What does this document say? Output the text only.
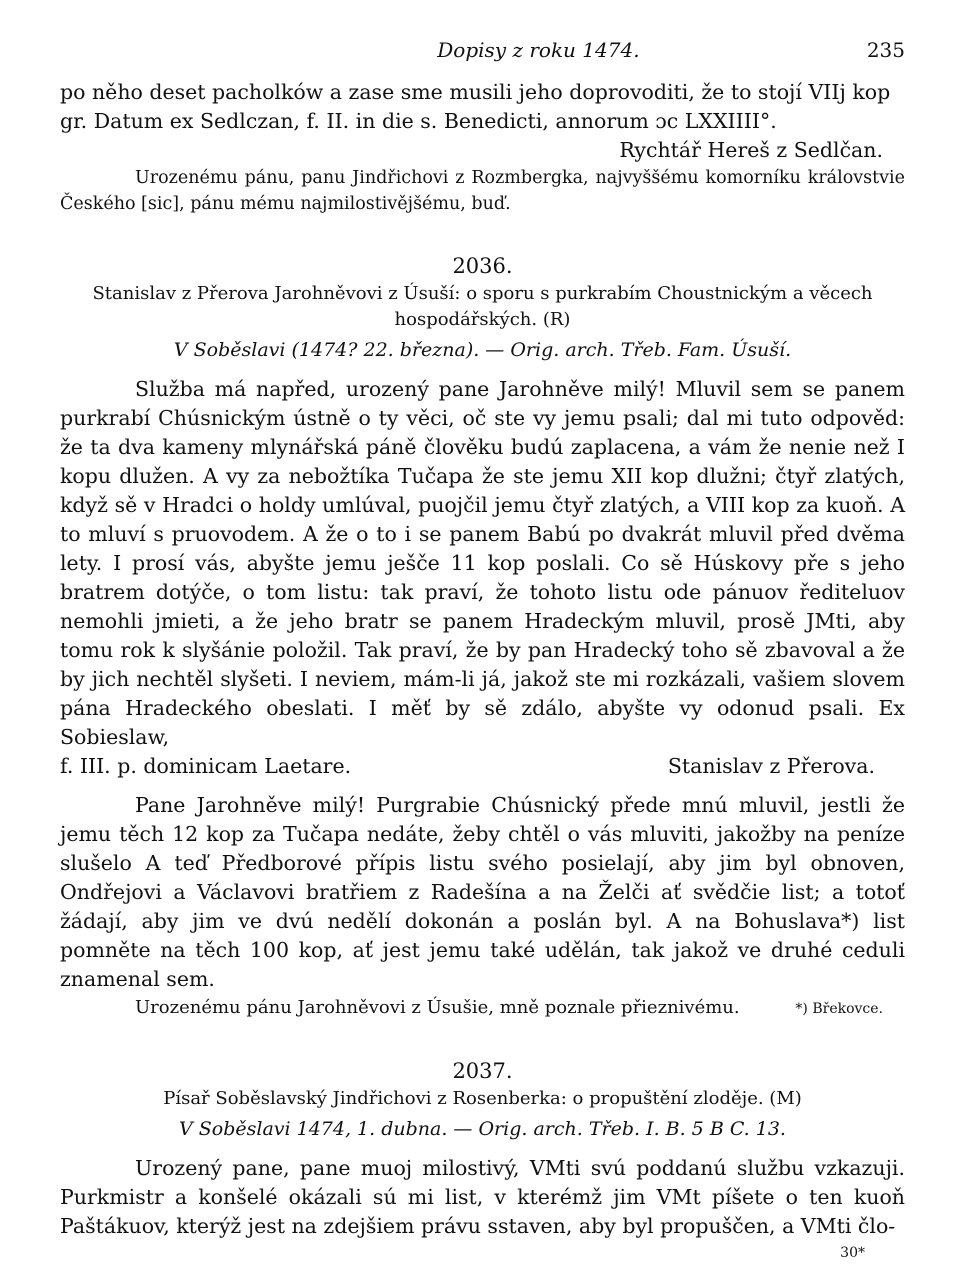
Dopisy z roku 1474.	235

po něho deset pacholków a zase sme musili jeho doprovoditi, že to stojí VIIj kop

gr. Datum ex Sedlczan, f. II. in die s. Benedicti, annorum ɔc LXXIIII°.

Rychtář Hereš z Sedlčan.

Urozenému pánu, panu Jindřichovi z Rozmbergka, najvyššému komorníku královstvie Českého [sic], pánu mému najmilostivějšému, buď.

2036.
Stanislav z Přerova Jarohněvovi z Úsuší: o sporu s purkrabím Choustnickým a věcech hospodářských. (R)
V Soběslavi (1474? 22. března). — Orig. arch. Třeb. Fam. Úsuší.

Služba má napřed, urozený pane Jarohněve milý! Mluvil sem se panem purkrabí Chúsnickým ústně o ty věci, oč ste vy jemu psali; dal mi tuto odpověd: že ta dva kameny mlynářská páně člověku budú zaplacena, a vám že nenie než I kopu dlužen. A vy za nebožtíka Tučapa že ste jemu XII kop dlužni; čtyř zlatých, když sě v Hradci o holdy umlúval, puojčil jemu čtyř zlatých, a VIII kop za kuoň. A to mluví s pruovodem. A že o to i se panem Babú po dvakrát mluvil před dvěma lety. I prosí vás, abyšte jemu ješče 11 kop poslali. Co sě Húskovy pře s jeho bratrem dotýče, o tom listu: tak praví, že tohoto listu ode pánuov ředitеluov nemohli jmieti, a že jeho bratr se panem Hradeckým mluvil, prosě JMti, aby tomu rok k slyšánie položil. Tak praví, že by pan Hradecký toho sě zbavoval a že by jich nechtěl slyšeti. I neviem, mám-li já, jakož ste mi rozkázali, vašiem slovem pána Hradeckého obeslati. I měť by sě zdálo, abyšte vy odonud psali. Ex Sobieslaw,

f. III. p. dominicam Laetare.	Stanislav z Přerova.

Pane Jarohněve milý! Purgrabie Chúsnický přede mnú mluvil, jestli že jemu těch 12 kop za Tučapa nedáte, žeby chtěl o vás mluviti, jakožby na peníze slušelo A teď Předborové přípis listu svého posielají, aby jim byl obnoven, Ondřejovi a Václavovi bratřiem z Radešína a na Želči ať svědčie list; a totoť žádají, aby jim ve dvú nedělí dokonán a poslán byl. A na Bohuslava*) list pomněte na těch 100 kop, ať jest jemu také udělán, tak jakož ve druhé ceduli znamenal sem.

Urozenému pánu Jarohněvovi z Úsušie, mně poznale přieznivému.	*) Břekovce.
2037.
Písař Soběslavský Jindřichovi z Rosenberka: o propuštění zloděje. (M)
V Soběslavi 1474, 1. dubna. — Orig. arch. Třeb. I. B. 5 B C. 13.

Urozený pane, pane muoj milostivý, VMti svú poddanú službu vzkazuji. Purkmistr a konšelé okázali sú mi list, v kterémž jim VMt píšete o ten kuoň Paštákuov, kterýž jest na zdejšiem právu sstaven, aby byl propuščen, a VMti člo-

30*
